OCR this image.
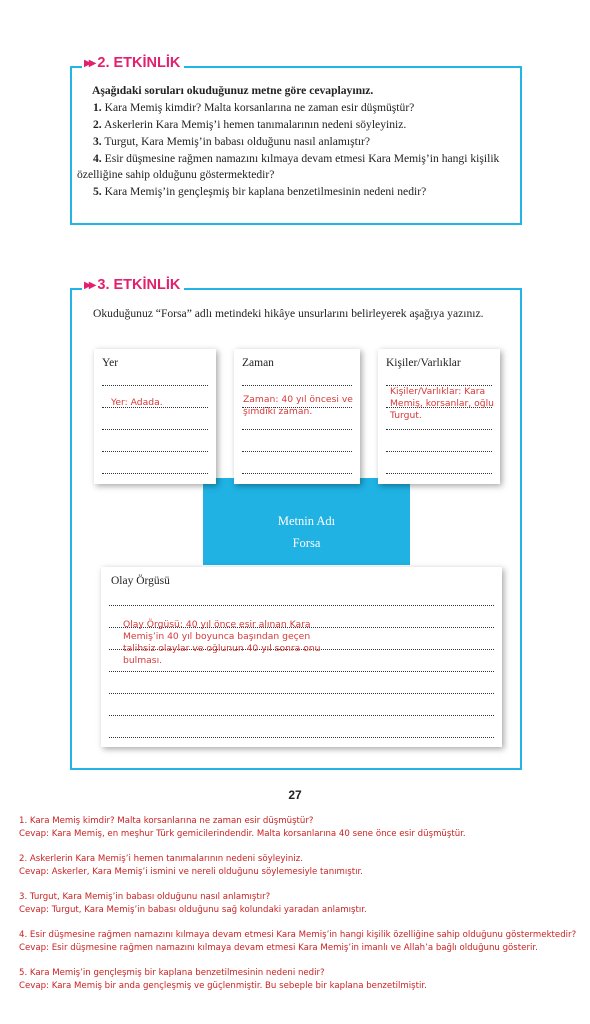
▶▶ 2. ETKİNLİK
Aşağıdaki soruları okuduğunuz metne göre cevaplayınız.
1. Kara Memiş kimdir? Malta korsanlarına ne zaman esir düşmüştür?
2. Askerlerin Kara Memiş’i hemen tanımalarının nedeni söyleyiniz.
3. Turgut, Kara Memiş’in babası olduğunu nasıl anlamıştır?
4. Esir düşmesine rağmen namazını kılmaya devam etmesi Kara Memiş’in hangi kişilik
özelliğine sahip olduğunu göstermektedir?
5. Kara Memiş’in gençleşmiş bir kaplana benzetilmesinin nedeni nedir?
▶▶ 3. ETKİNLİK
Okuduğunuz “Forsa” adlı metindeki hikâye unsurlarını belirleyerek aşağıya yazınız.
Metnin Adı
Forsa
Yer
Yer: Adada.
Zaman
Zaman: 40 yıl öncesi ve şimdiki zaman.
Kişiler/Varlıklar
Kişiler/Varlıklar: Kara Memiş, korsanlar, oğlu Turgut.
Olay Örgüsü
Olay Örgüsü: 40 yıl önce esir alınan Kara Memiş’in 40 yıl boyunca başından geçen talihsiz olaylar ve oğlunun 40 yıl sonra onu bulması.
27

1. Kara Memiş kimdir? Malta korsanlarına ne zaman esir düşmüştür?
Cevap: Kara Memiş, en meşhur Türk gemicilerindendir. Malta korsanlarına 40 sene önce esir düşmüştür.

2. Askerlerin Kara Memiş’i hemen tanımalarının nedeni söyleyiniz.
Cevap: Askerler, Kara Memiş’i ismini ve nereli olduğunu söylemesiyle tanımıştır.

3. Turgut, Kara Memiş’in babası olduğunu nasıl anlamıştır?
Cevap: Turgut, Kara Memiş’in babası olduğunu sağ kolundaki yaradan anlamıştır.

4. Esir düşmesine rağmen namazını kılmaya devam etmesi Kara Memiş’in hangi kişilik özelliğine sahip olduğunu göstermektedir?
Cevap: Esir düşmesine rağmen namazını kılmaya devam etmesi Kara Memiş’in imanlı ve Allah’a bağlı olduğunu gösterir.

5. Kara Memiş’in gençleşmiş bir kaplana benzetilmesinin nedeni nedir?
Cevap: Kara Memiş bir anda gençleşmiş ve güçlenmiştir. Bu sebeple bir kaplana benzetilmiştir.
